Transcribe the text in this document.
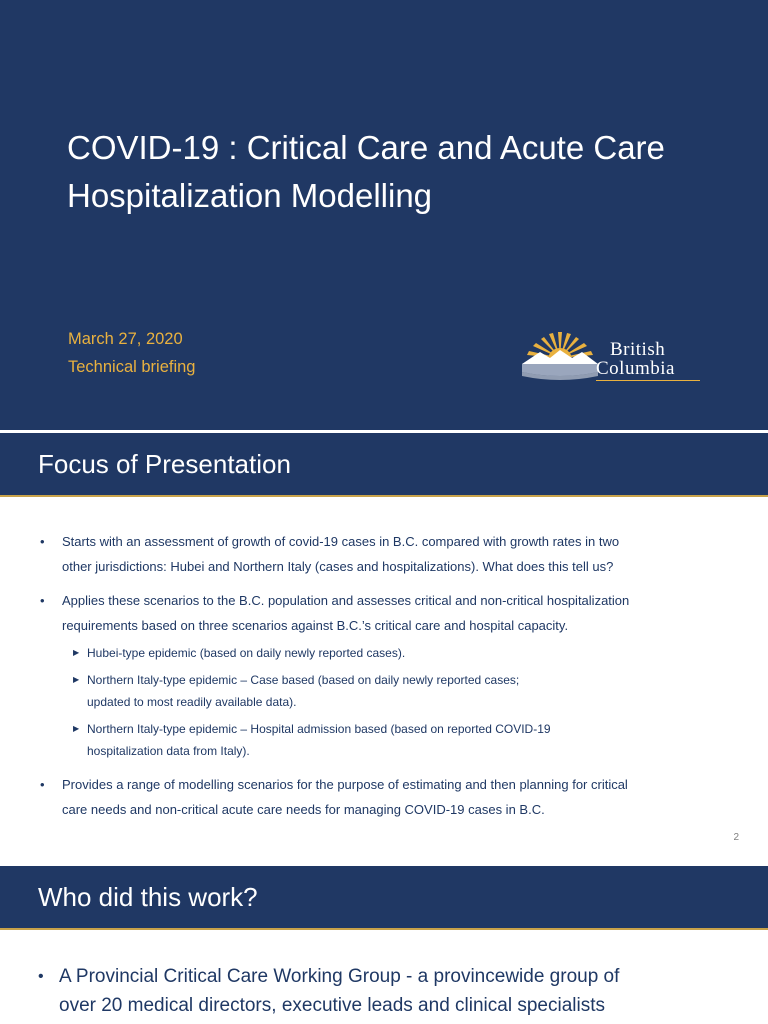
COVID-19 : Critical Care and Acute Care
Hospitalization Modelling
March 27, 2020
Technical briefing
British
Columbia
Focus of Presentation
• Starts with an assessment of growth of covid-19 cases in B.C. compared with growth rates in two
other jurisdictions: Hubei and Northern Italy (cases and hospitalizations). What does this tell us?
• Applies these scenarios to the B.C. population and assesses critical and non-critical hospitalization
requirements based on three scenarios against B.C.’s critical care and hospital capacity.
▶ Hubei-type epidemic (based on daily newly reported cases).
▶ Northern Italy-type epidemic – Case based (based on daily newly reported cases;
updated to most readily available data).
▶ Northern Italy-type epidemic – Hospital admission based (based on reported COVID-19
hospitalization data from Italy).
• Provides a range of modelling scenarios for the purpose of estimating and then planning for critical
care needs and non-critical acute care needs for managing COVID-19 cases in B.C.
2
Who did this work?
• A Provincial Critical Care Working Group - a provincewide group of
over 20 medical directors, executive leads and clinical specialists
